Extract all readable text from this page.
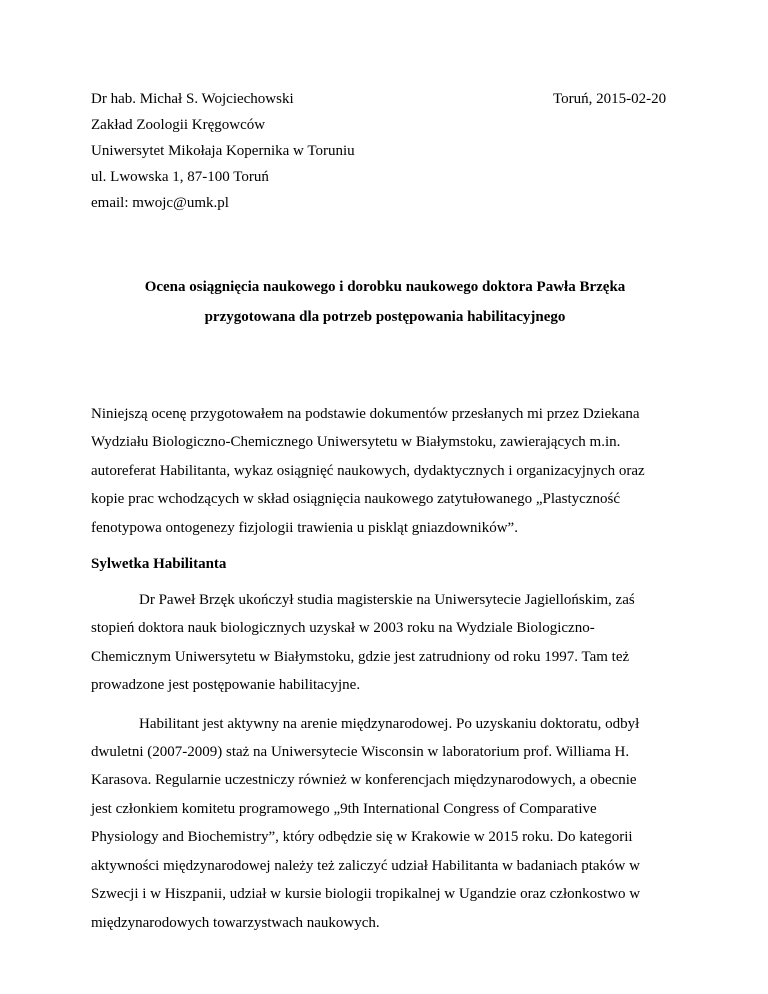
Dr hab. Michał S. Wojciechowski
Zakład Zoologii Kręgowców
Uniwersytet Mikołaja Kopernika w Toruniu
ul. Lwowska 1, 87-100 Toruń
email: mwojc@umk.pl
Toruń, 2015-02-20
Ocena osiągnięcia naukowego i dorobku naukowego doktora Pawła Brzęka
przygotowana dla potrzeb postępowania habilitacyjnego

Niniejszą ocenę przygotowałem na podstawie dokumentów przesłanych mi przez Dziekana
Wydziału Biologiczno-Chemicznego Uniwersytetu w Białymstoku, zawierających m.in.
autoreferat Habilitanta, wykaz osiągnięć naukowych, dydaktycznych i organizacyjnych oraz
kopie prac wchodzących w skład osiągnięcia naukowego zatytułowanego „Plastyczność
fenotypowa ontogenezy fizjologii trawienia u piskląt gniazdowników”.

Sylwetka Habilitanta

Dr Paweł Brzęk ukończył studia magisterskie na Uniwersytecie Jagiellońskim, zaś
stopień doktora nauk biologicznych uzyskał w 2003 roku na Wydziale Biologiczno-
Chemicznym Uniwersytetu w Białymstoku, gdzie jest zatrudniony od roku 1997. Tam też
prowadzone jest postępowanie habilitacyjne.

Habilitant jest aktywny na arenie międzynarodowej. Po uzyskaniu doktoratu, odbył
dwuletni (2007-2009) staż na Uniwersytecie Wisconsin w laboratorium prof. Williama H.
Karasova. Regularnie uczestniczy również w konferencjach międzynarodowych, a obecnie
jest członkiem komitetu programowego „9th International Congress of Comparative
Physiology and Biochemistry”, który odbędzie się w Krakowie w 2015 roku. Do kategorii
aktywności międzynarodowej należy też zaliczyć udział Habilitanta w badaniach ptaków w
Szwecji i w Hiszpanii, udział w kursie biologii tropikalnej w Ugandzie oraz członkostwo w
międzynarodowych towarzystwach naukowych.
